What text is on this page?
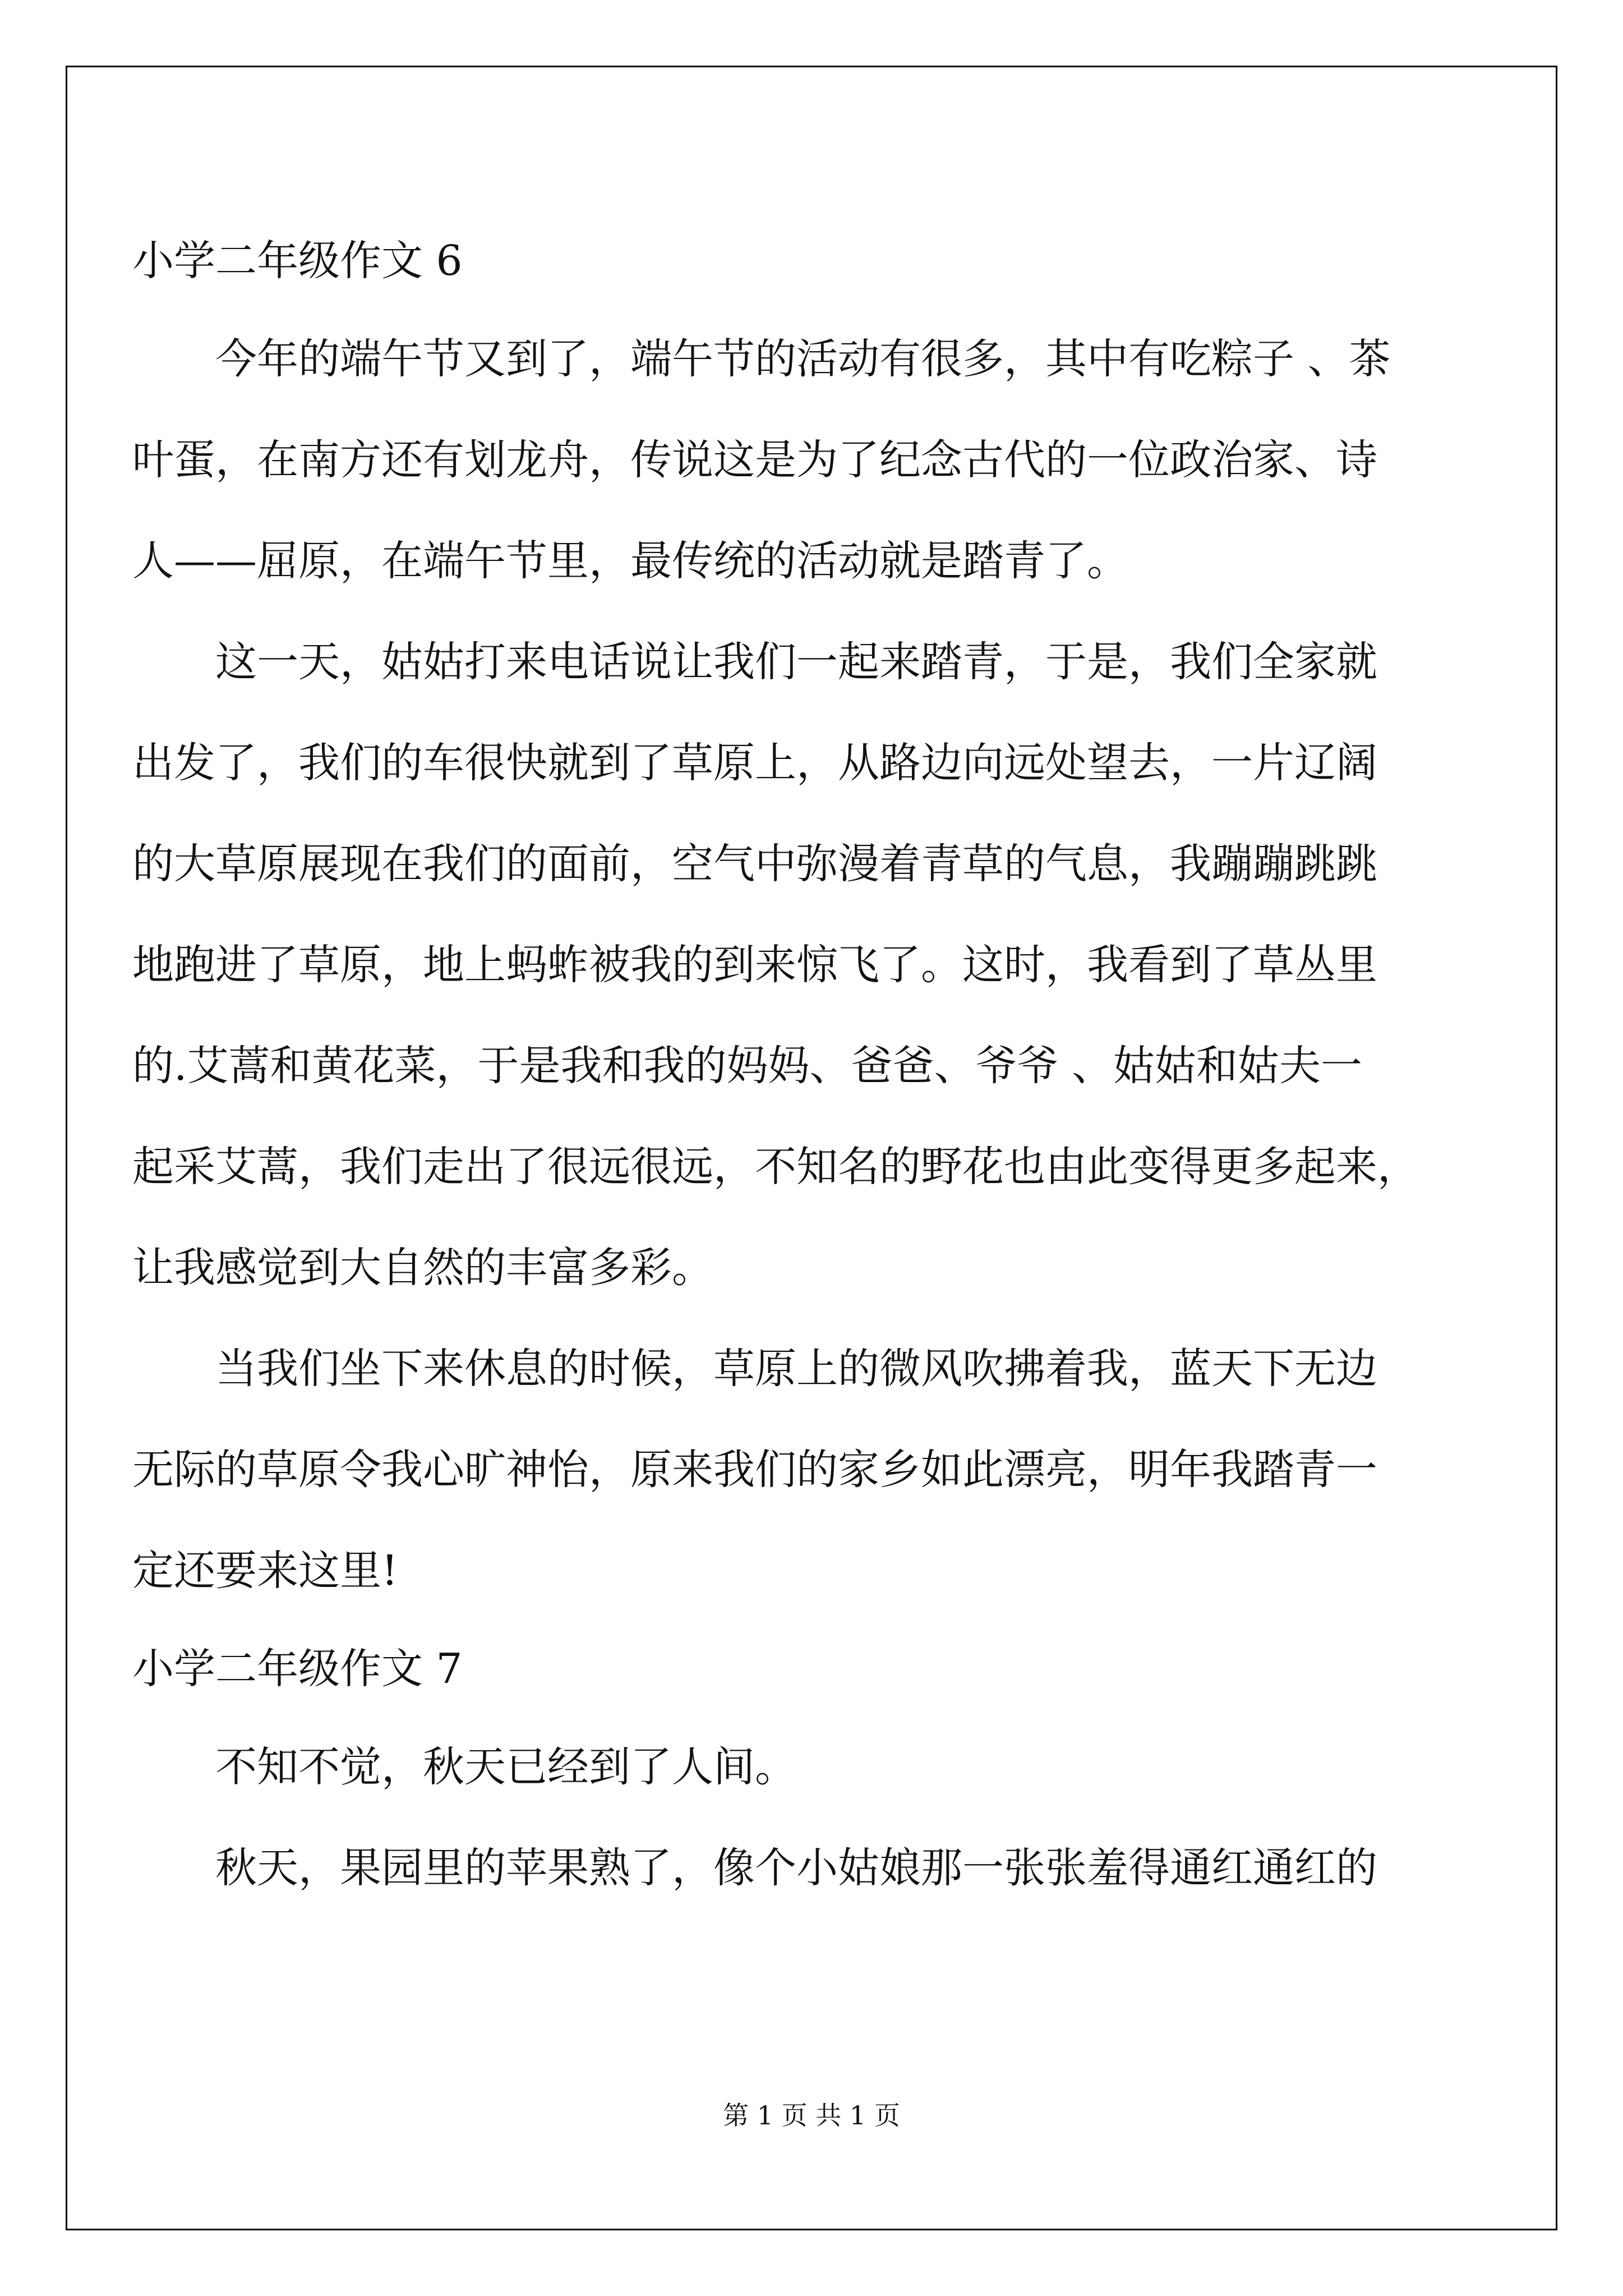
小学二年级作文 6
今年的端午节又到了，端午节的活动有很多，其中有吃粽子 、茶
叶蛋，在南方还有划龙舟，传说这是为了纪念古代的一位政治家、诗
人——屈原，在端午节里，最传统的活动就是踏青了。
这一天，姑姑打来电话说让我们一起来踏青，于是，我们全家就
出发了，我们的车很快就到了草原上，从路边向远处望去，一片辽阔
的大草原展现在我们的面前，空气中弥漫着青草的气息，我蹦蹦跳跳
地跑进了草原，地上蚂蚱被我的到来惊飞了。这时，我看到了草丛里
的.艾蒿和黄花菜，于是我和我的妈妈、爸爸、爷爷 、姑姑和姑夫一
起采艾蒿，我们走出了很远很远，不知名的野花也由此变得更多起来，
让我感觉到大自然的丰富多彩。
当我们坐下来休息的时候，草原上的微风吹拂着我，蓝天下无边
无际的草原令我心旷神怡，原来我们的家乡如此漂亮，明年我踏青一
定还要来这里!
小学二年级作文 7
不知不觉，秋天已经到了人间。
秋天，果园里的苹果熟了，像个小姑娘那一张张羞得通红通红的
第 1 页 共 1 页
